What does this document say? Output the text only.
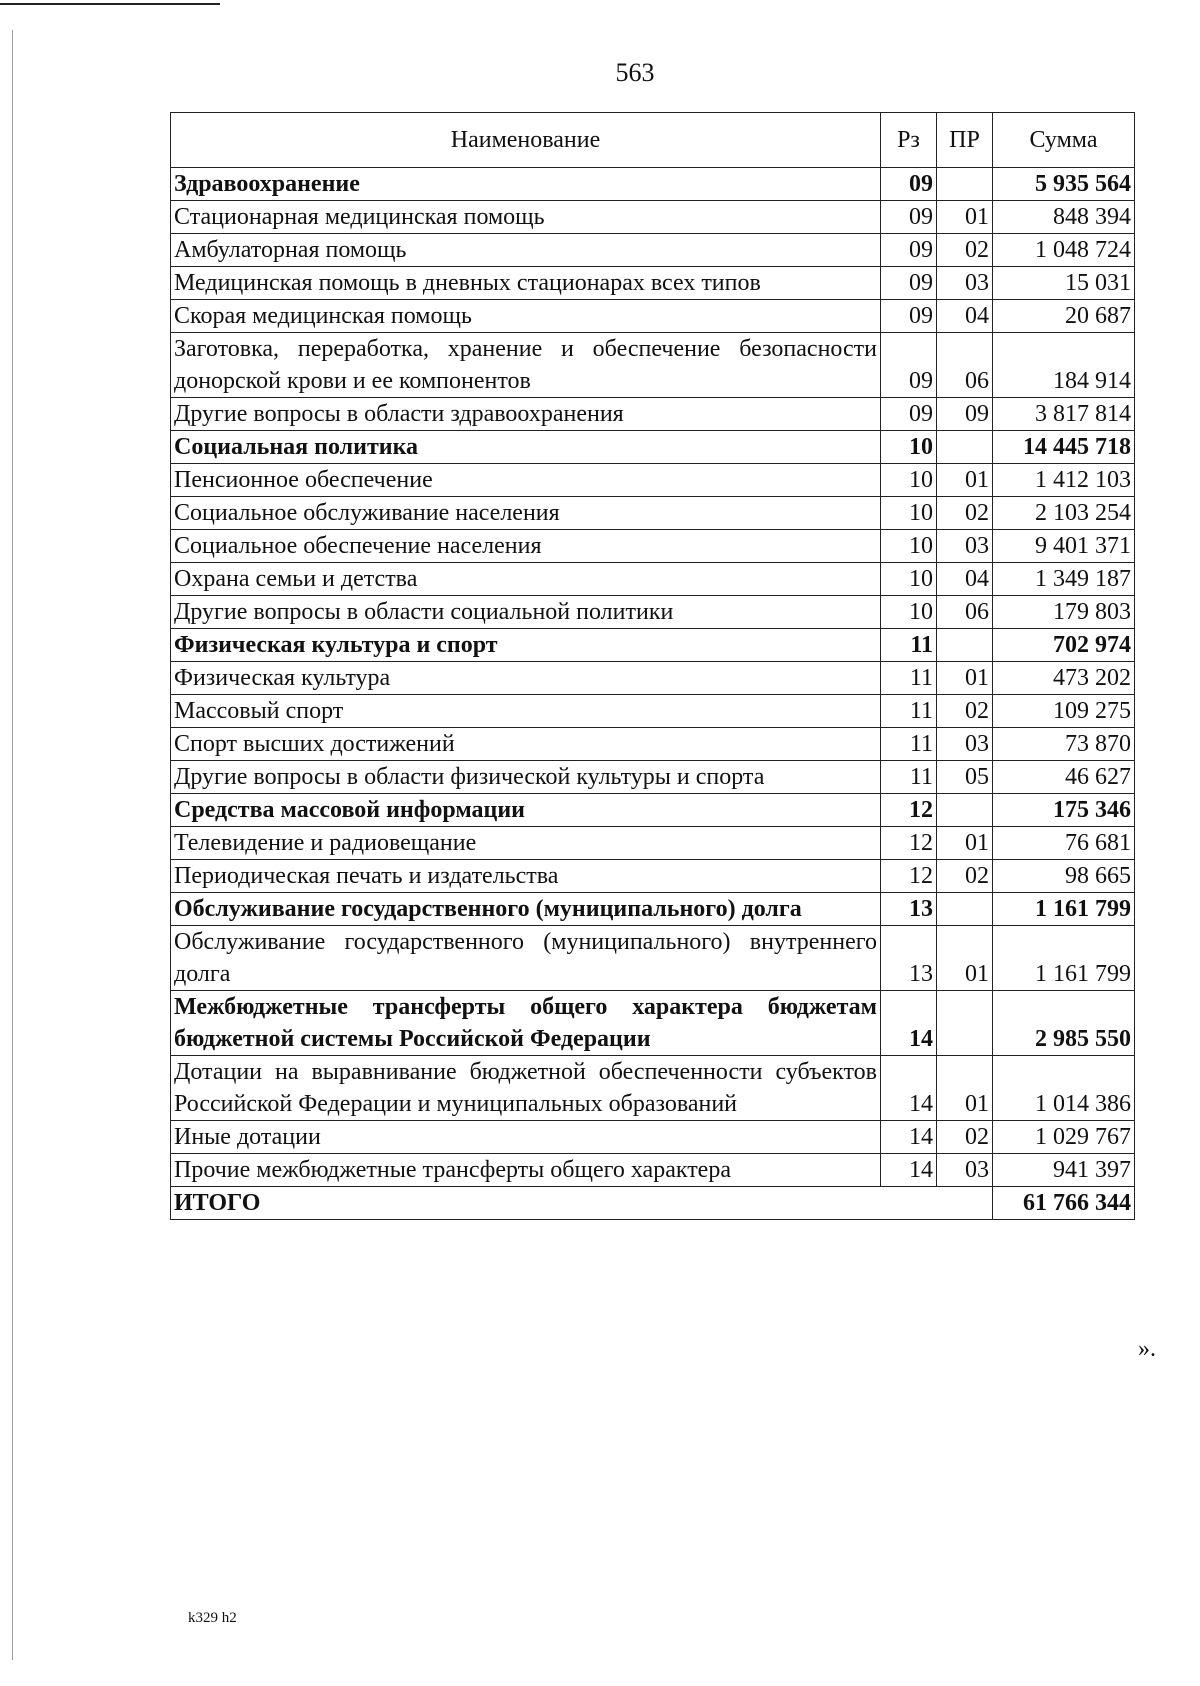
563
Наименование	Рз	ПР	Сумма
Здравоохранение	09		5 935 564
Стационарная медицинская помощь	09	01	848 394
Амбулаторная помощь	09	02	1 048 724
Медицинская помощь в дневных стационарах всех типов	09	03	15 031
Скорая медицинская помощь	09	04	20 687
Заготовка, переработка, хранение и обеспечение безопасности донорской крови и ее компонентов	09	06	184 914
Другие вопросы в области здравоохранения	09	09	3 817 814
Социальная политика	10		14 445 718
Пенсионное обеспечение	10	01	1 412 103
Социальное обслуживание населения	10	02	2 103 254
Социальное обеспечение населения	10	03	9 401 371
Охрана семьи и детства	10	04	1 349 187
Другие вопросы в области социальной политики	10	06	179 803
Физическая культура и спорт	11		702 974
Физическая культура	11	01	473 202
Массовый спорт	11	02	109 275
Спорт высших достижений	11	03	73 870
Другие вопросы в области физической культуры и спорта	11	05	46 627
Средства массовой информации	12		175 346
Телевидение и радиовещание	12	01	76 681
Периодическая печать и издательства	12	02	98 665
Обслуживание государственного (муниципального) долга	13		1 161 799
Обслуживание государственного (муниципального) внутреннего долга	13	01	1 161 799
Межбюджетные трансферты общего характера бюджетам бюджетной системы Российской Федерации	14		2 985 550
Дотации на выравнивание бюджетной обеспеченности субъектов Российской Федерации и муниципальных образований	14	01	1 014 386
Иные дотации	14	02	1 029 767
Прочие межбюджетные трансферты общего характера	14	03	941 397
ИТОГО			61 766 344
».
k329 h2
